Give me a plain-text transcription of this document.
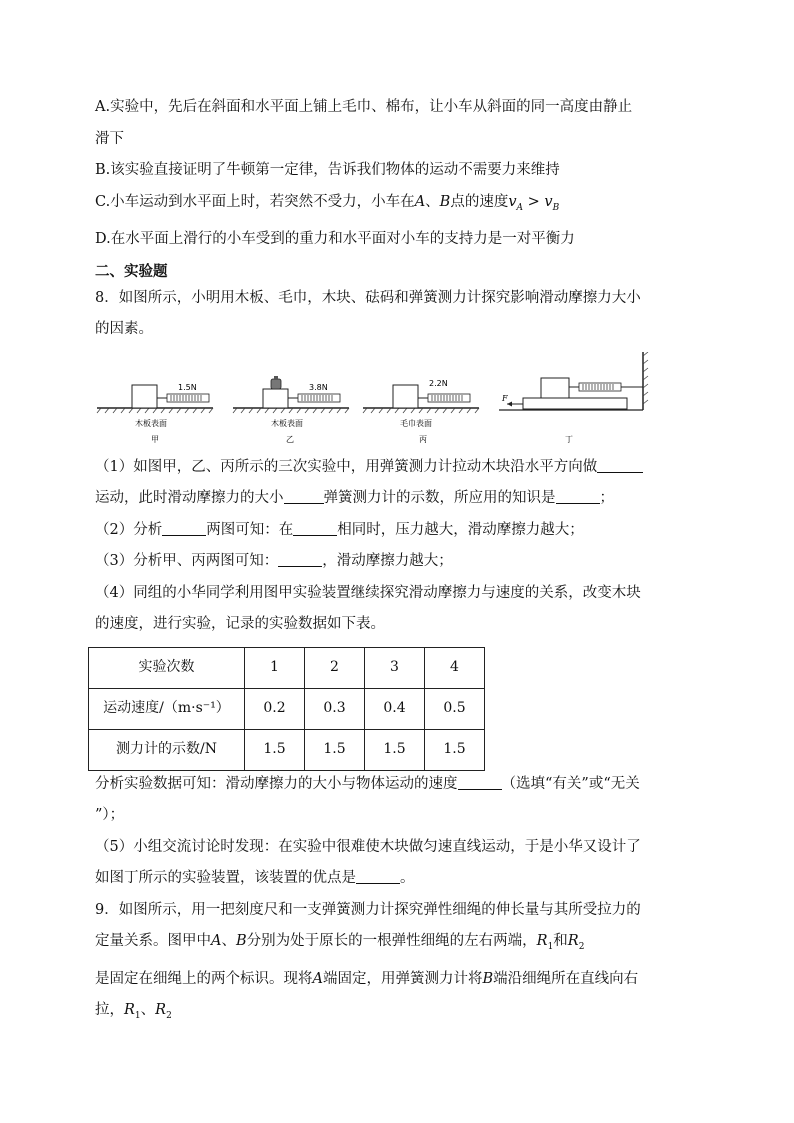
A.实验中，先后在斜面和水平面上铺上毛巾、棉布，让小车从斜面的同一高度由静止
滑下
B.该实验直接证明了牛顿第一定律，告诉我们物体的运动不需要力来维持
C.小车运动到水平面上时，若突然不受力，小车在A、B点的速度$v_A > v_B$
D.在水平面上滑行的小车受到的重力和水平面对小车的支持力是一对平衡力
二、实验题
8．如图所示，小明用木板、毛巾，木块、砝码和弹簧测力计探究影响滑动摩擦力大小
的因素。
1.5N
木板表面
甲
3.8N
木板表面
乙
2.2N
毛巾表面
丙
F
丁
（1）如图甲，乙、丙所示的三次实验中，用弹簧测力计拉动木块沿水平方向做
运动，此时滑动摩擦力的大小	弹簧测力计的示数，所应用的知识是	；
（2）分析	两图可知：在	相同时，压力越大，滑动摩擦力越大；
（3）分析甲、丙两图可知：	，滑动摩擦力越大；
（4）同组的小华同学利用图甲实验装置继续探究滑动摩擦力与速度的关系，改变木块
的速度，进行实验，记录的实验数据如下表。
实验次数	1	2	3	4
运动速度/（m·s⁻¹）	0.2	0.3	0.4	0.5
测力计的示数/N	1.5	1.5	1.5	1.5
分析实验数据可知：滑动摩擦力的大小与物体运动的速度	（选填“有关”或“无关
”）；
（5）小组交流讨论时发现：在实验中很难使木块做匀速直线运动，于是小华又设计了
如图丁所示的实验装置，该装置的优点是	。
9．如图所示，用一把刻度尺和一支弹簧测力计探究弹性细绳的伸长量与其所受拉力的
定量关系。图甲中A、B分别为处于原长的一根弹性细绳的左右两端，$R_1$和$R_2$
是固定在细绳上的两个标识。现将A端固定，用弹簧测力计将B端沿细绳所在直线向右
拉，$R_1$、$R_2$
